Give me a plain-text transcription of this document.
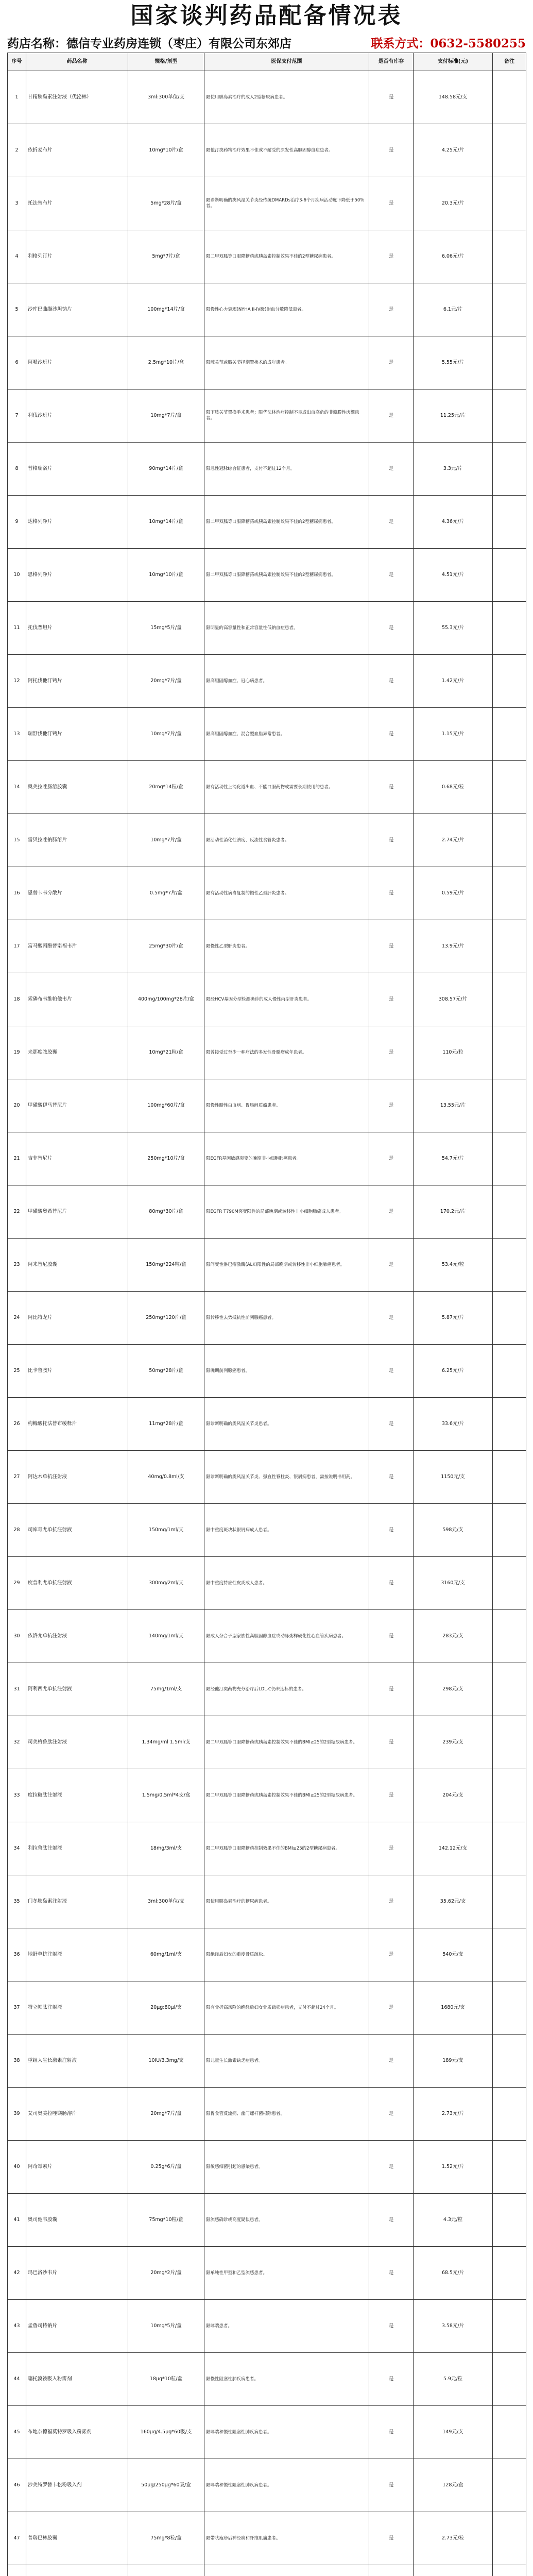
国家谈判药品配备情况表
药店名称：德信专业药房连锁（枣庄）有限公司东郊店	联系方式：0632-5580255
序号	药品名称	规格/剂型	医保支付范围	是否有库存	支付标准(元)	备注
1	甘精胰岛素注射液（优泌林）	3ml:300单位/支	限使用胰岛素治疗的成人2型糖尿病患者。	是	148.58元/支	
2	依折麦布片	10mg*10片/盒	限他汀类药物治疗效果不佳或不耐受的原发性高胆固醇血症患者。	是	4.25元/片	
3	托法替布片	5mg*28片/盒	限诊断明确的类风湿关节炎经传统DMARDs治疗3-6个月疾病活动度下降低于50%者。	是	20.3元/片	
4	利格列汀片	5mg*7片/盒	限二甲双胍等口服降糖药或胰岛素控制效果不佳的2型糖尿病患者。	是	6.06元/片	
5	沙库巴曲缬沙坦钠片	100mg*14片/盒	限慢性心力衰竭(NYHA II-IV级)射血分数降低患者。	是	6.1元/片	
6	阿哌沙班片	2.5mg*10片/盒	限髋关节或膝关节择期置换术的成年患者。	是	5.55元/片	
7	利伐沙班片	10mg*7片/盒	限下肢关节置换手术患者；限华法林治疗控制不良或出血高危的非瓣膜性房颤患者。	是	11.25元/片	
8	替格瑞洛片	90mg*14片/盒	限急性冠脉综合征患者，支付不超过12个月。	是	3.3元/片	
9	达格列净片	10mg*14片/盒	限二甲双胍等口服降糖药或胰岛素控制效果不佳的2型糖尿病患者。	是	4.36元/片	
10	恩格列净片	10mg*10片/盒	限二甲双胍等口服降糖药或胰岛素控制效果不佳的2型糖尿病患者。	是	4.51元/片	
11	托伐普坦片	15mg*5片/盒	限明显的高容量性和正常容量性低钠血症患者。	是	55.3元/片	
12	阿托伐他汀钙片	20mg*7片/盒	限高胆固醇血症、冠心病患者。	是	1.42元/片	
13	瑞舒伐他汀钙片	10mg*7片/盒	限高胆固醇血症、混合型血脂异常患者。	是	1.15元/片	
14	奥美拉唑肠溶胶囊	20mg*14粒/盒	限有活动性上消化道出血、不能口服药物或需要长期使用的患者。	是	0.68元/粒	
15	雷贝拉唑钠肠溶片	10mg*7片/盒	限活动性消化性溃疡、反流性食管炎患者。	是	2.74元/片	
16	恩替卡韦分散片	0.5mg*7片/盒	限有活动性病毒复制的慢性乙型肝炎患者。	是	0.59元/片	
17	富马酸丙酚替诺福韦片	25mg*30片/盒	限慢性乙型肝炎患者。	是	13.9元/片	
18	索磷布韦维帕他韦片	400mg/100mg*28片/盒	限经HCV基因分型检测确诊的成人慢性丙型肝炎患者。	是	308.57元/片	
19	来那度胺胶囊	10mg*21粒/盒	限曾接受过至少一种疗法的多发性骨髓瘤成年患者。	是	110元/粒	
20	甲磺酸伊马替尼片	100mg*60片/盒	限慢性髓性白血病、胃肠间质瘤患者。	是	13.55元/片	
21	吉非替尼片	250mg*10片/盒	限EGFR基因敏感突变的晚期非小细胞肺癌患者。	是	54.7元/片	
22	甲磺酸奥希替尼片	80mg*30片/盒	限EGFR T790M突变阳性的局部晚期或转移性非小细胞肺癌成人患者。	是	170.2元/片	
23	阿来替尼胶囊	150mg*224粒/盒	限间变性淋巴瘤激酶(ALK)阳性的局部晚期或转移性非小细胞肺癌患者。	是	53.4元/粒	
24	阿比特龙片	250mg*120片/盒	限转移性去势抵抗性前列腺癌患者。	是	5.87元/片	
25	比卡鲁胺片	50mg*28片/盒	限晚期前列腺癌患者。	是	6.25元/片	
26	枸橼酸托法替布缓释片	11mg*28片/盒	限诊断明确的类风湿关节炎患者。	是	33.6元/片	
27	阿达木单抗注射液	40mg/0.8ml/支	限诊断明确的类风湿关节炎、强直性脊柱炎、银屑病患者，需按说明书用药。	是	1150元/支	
28	司库奇尤单抗注射液	150mg/1ml/支	限中重度斑块状银屑病成人患者。	是	598元/支	
29	度普利尤单抗注射液	300mg/2ml/支	限中重度特应性皮炎成人患者。	是	3160元/支	
30	依洛尤单抗注射液	140mg/1ml/支	限成人杂合子型家族性高胆固醇血症或动脉粥样硬化性心血管疾病患者。	是	283元/支	
31	阿利西尤单抗注射液	75mg/1ml/支	限经他汀类药物充分治疗后LDL-C仍未达标的患者。	是	298元/支	
32	司美格鲁肽注射液	1.34mg/ml 1.5ml/支	限二甲双胍等口服降糖药或胰岛素控制效果不佳的BMI≥25的2型糖尿病患者。	是	239元/支	
33	度拉糖肽注射液	1.5mg/0.5ml*4支/盒	限二甲双胍等口服降糖药或胰岛素控制效果不佳的BMI≥25的2型糖尿病患者。	是	204元/支	
34	利拉鲁肽注射液	18mg/3ml/支	限二甲双胍等口服降糖药控制效果不佳的BMI≥25的2型糖尿病患者。	是	142.12元/支	
35	门冬胰岛素注射液	3ml:300单位/支	限使用胰岛素治疗的糖尿病患者。	是	35.62元/支	
36	地舒单抗注射液	60mg/1ml/支	限绝经后妇女的重度骨质疏松。	是	540元/支	
37	特立帕肽注射液	20μg:80μl/支	限有骨折高风险的绝经后妇女骨质疏松症患者，支付不超过24个月。	是	1680元/支	
38	重组人生长激素注射液	10IU/3.3mg/支	限儿童生长激素缺乏症患者。	是	189元/支	
39	艾司奥美拉唑镁肠溶片	20mg*7片/盒	限胃食管反流病、幽门螺杆菌根除患者。	是	2.73元/片	
40	阿奇霉素片	0.25g*6片/盒	限敏感细菌引起的感染患者。	是	1.52元/片	
41	奥司他韦胶囊	75mg*10粒/盒	限流感确诊或高度疑似患者。	是	4.3元/粒	
42	玛巴洛沙韦片	20mg*2片/盒	限单纯性甲型和乙型流感患者。	是	68.5元/片	
43	孟鲁司特钠片	10mg*5片/盒	限哮喘患者。	是	3.58元/片	
44	噻托溴铵吸入粉雾剂	18μg*10粒/盒	限慢性阻塞性肺疾病患者。	是	5.9元/粒	
45	布地奈德福莫特罗吸入粉雾剂	160μg/4.5μg*60吸/支	限哮喘和慢性阻塞性肺疾病患者。	是	149元/支	
46	沙美特罗替卡松粉吸入剂	50μg/250μg*60吸/盒	限哮喘和慢性阻塞性肺疾病患者。	是	128元/盒	
47	普瑞巴林胶囊	75mg*8粒/盒	限带状疱疹后神经痛和纤维肌痛患者。	是	2.73元/粒	
